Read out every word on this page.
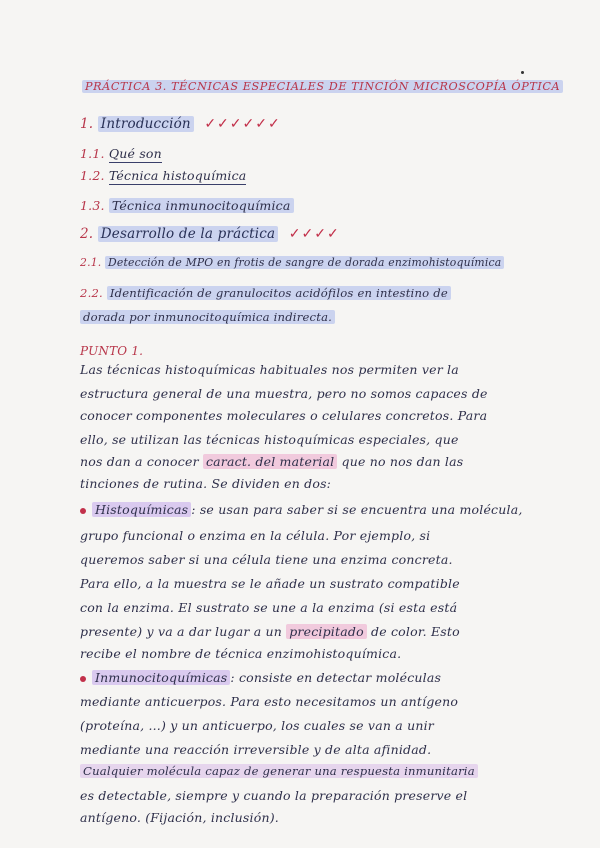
PRÁCTICA 3. TÉCNICAS ESPECIALES DE TINCIÓN MICROSCOPÍA ÓPTICA
1. Introducción ✓✓✓✓✓✓
1.1. Qué son
1.2. Técnica histoquímica
1.3. Técnica inmunocitoquímica
2. Desarrollo de la práctica ✓✓✓✓
2.1. Detección de MPO en frotis de sangre de dorada enzimohistoquímica
2.2. Identificación de granulocitos acidófilos en intestino de
dorada por inmunocitoquímica indirecta.
PUNTO 1.
Las técnicas histoquímicas habituales nos permiten ver la
estructura general de una muestra, pero no somos capaces de
conocer componentes moleculares o celulares concretos. Para
ello, se utilizan las técnicas histoquímicas especiales, que
nos dan a conocer caract. del material que no nos dan las
tinciones de rutina. Se dividen en dos:
Histoquímicas : se usan para saber si se encuentra una molécula,
grupo funcional o enzima en la célula. Por ejemplo, si
queremos saber si una célula tiene una enzima concreta.
Para ello, a la muestra se le añade un sustrato compatible
con la enzima. El sustrato se une a la enzima (si esta está
presente) y va a dar lugar a un precipitado de color. Esto
recibe el nombre de técnica enzimohistoquímica.
Inmunocitoquímicas : consiste en detectar moléculas
mediante anticuerpos. Para esto necesitamos un antígeno
(proteína, ...) y un anticuerpo, los cuales se van a unir
mediante una reacción irreversible y de alta afinidad.
Cualquier molécula capaz de generar una respuesta inmunitaria
es detectable, siempre y cuando la preparación preserve el
antígeno. (Fijación, inclusión).
